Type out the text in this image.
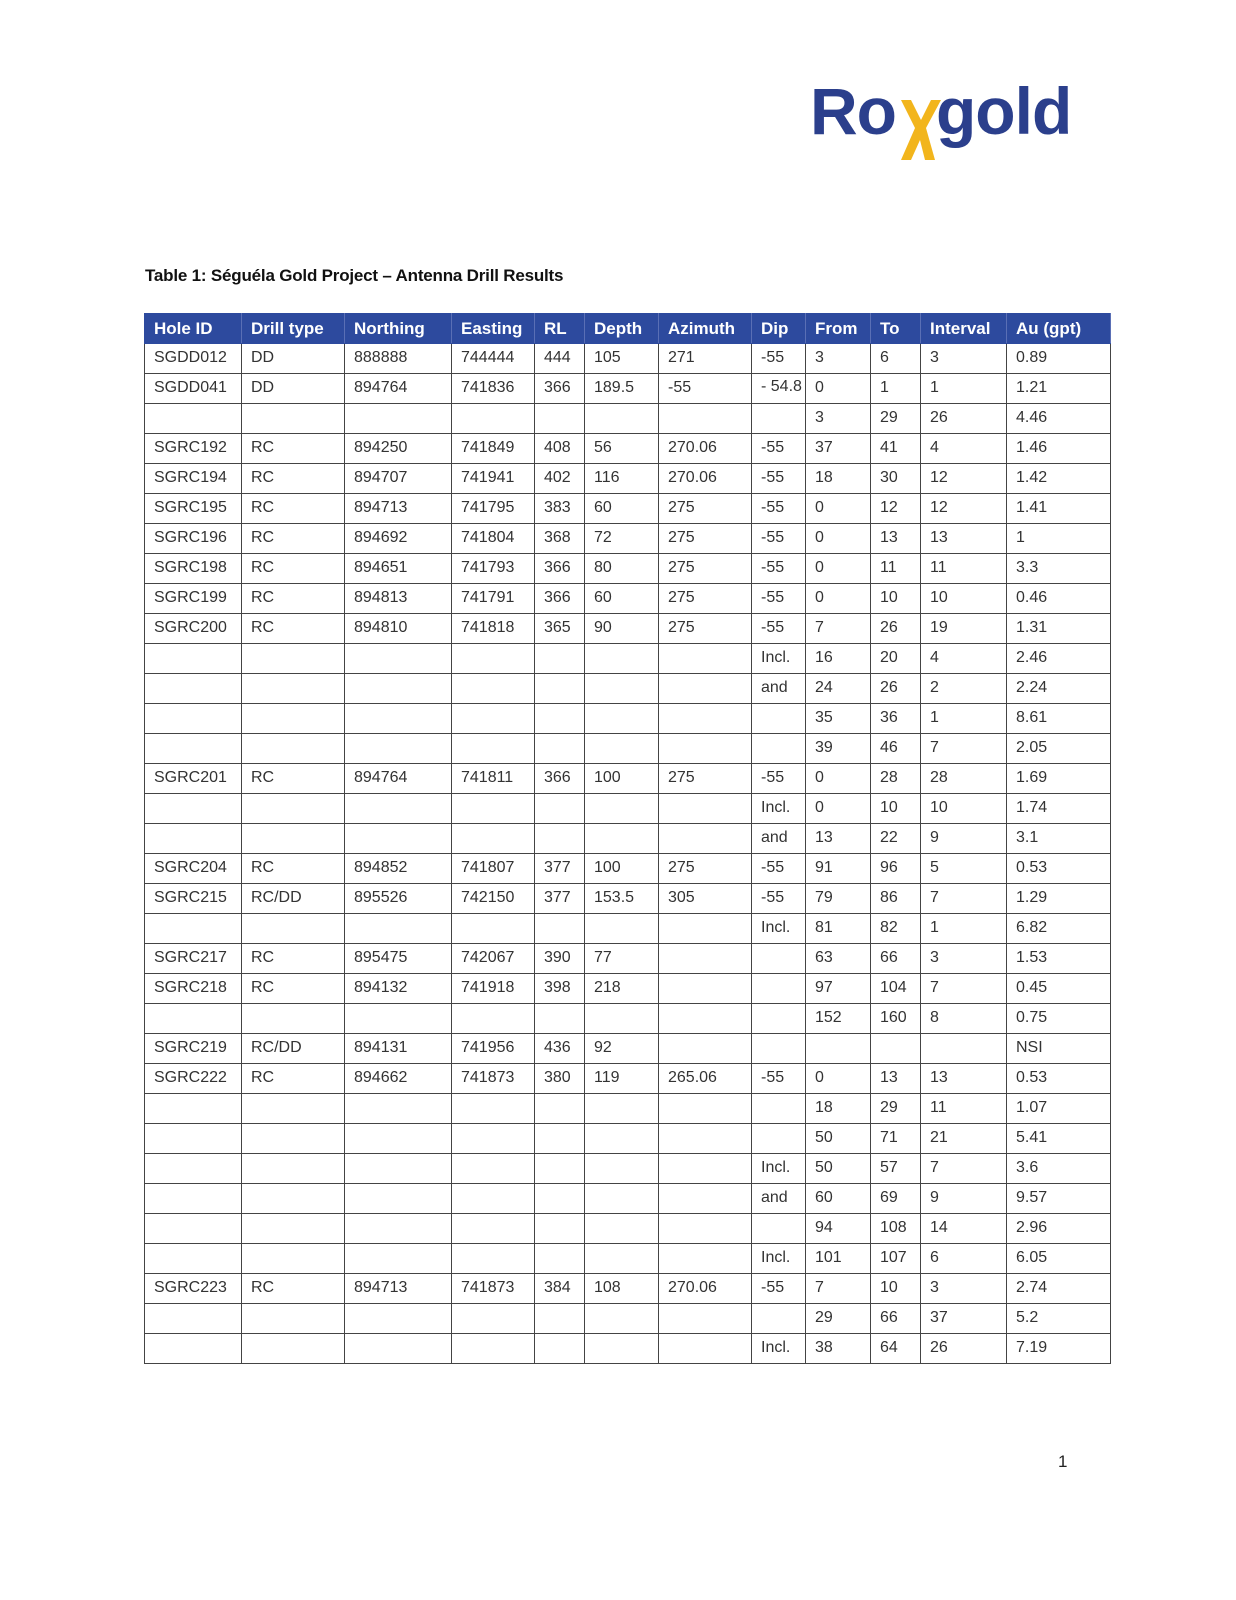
Ro gold
Table 1: Séguéla Gold Project – Antenna Drill Results
Hole ID	Drill type	Northing	Easting	RL	Depth	Azimuth	Dip	From	To	Interval	Au (gpt)
SGDD012	DD	888888	744444	444	105	271	-55	3	6	3	0.89
SGDD041	DD	894764	741836	366	189.5	-55	- 54.8	0	1	1	1.21
								3	29	26	4.46
SGRC192	RC	894250	741849	408	56	270.06	-55	37	41	4	1.46
SGRC194	RC	894707	741941	402	116	270.06	-55	18	30	12	1.42
SGRC195	RC	894713	741795	383	60	275	-55	0	12	12	1.41
SGRC196	RC	894692	741804	368	72	275	-55	0	13	13	1
SGRC198	RC	894651	741793	366	80	275	-55	0	11	11	3.3
SGRC199	RC	894813	741791	366	60	275	-55	0	10	10	0.46
SGRC200	RC	894810	741818	365	90	275	-55	7	26	19	1.31
							Incl.	16	20	4	2.46
							and	24	26	2	2.24
								35	36	1	8.61
								39	46	7	2.05
SGRC201	RC	894764	741811	366	100	275	-55	0	28	28	1.69
							Incl.	0	10	10	1.74
							and	13	22	9	3.1
SGRC204	RC	894852	741807	377	100	275	-55	91	96	5	0.53
SGRC215	RC/DD	895526	742150	377	153.5	305	-55	79	86	7	1.29
							Incl.	81	82	1	6.82
SGRC217	RC	895475	742067	390	77			63	66	3	1.53
SGRC218	RC	894132	741918	398	218			97	104	7	0.45
								152	160	8	0.75
SGRC219	RC/DD	894131	741956	436	92						NSI
SGRC222	RC	894662	741873	380	119	265.06	-55	0	13	13	0.53
								18	29	11	1.07
								50	71	21	5.41
							Incl.	50	57	7	3.6
							and	60	69	9	9.57
								94	108	14	2.96
							Incl.	101	107	6	6.05
SGRC223	RC	894713	741873	384	108	270.06	-55	7	10	3	2.74
								29	66	37	5.2
							Incl.	38	64	26	7.19
1
